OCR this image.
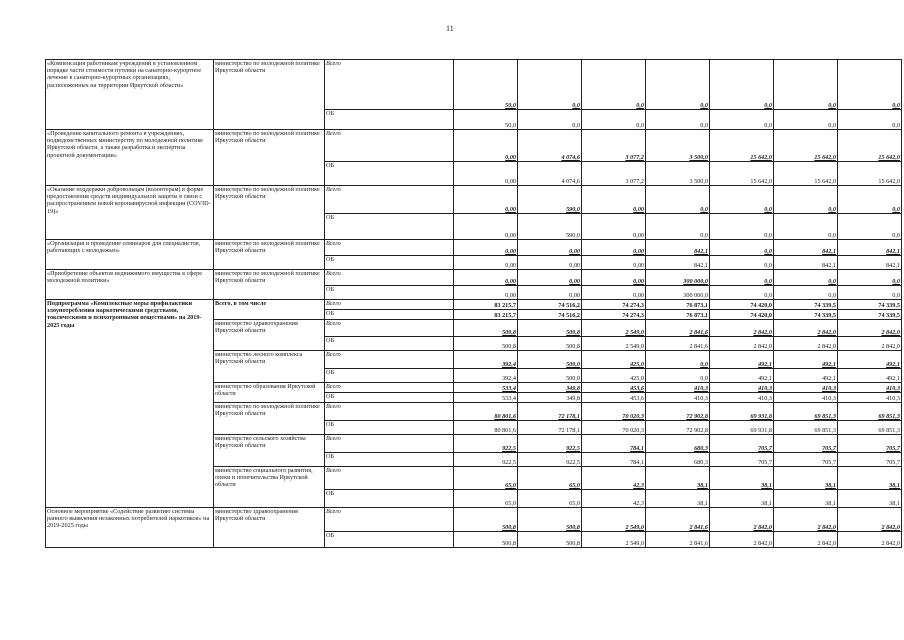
11
«Компенсация работникам учреждений в установленном порядке части стоимости путевки на санаторно-курортное лечение в санаторно-курортных организациях, расположенных на территории Иркутской области»	министерство по молодежной политике Иркутской области	Всего	50,0	0,0	0,0	0,0	0,0	0,0	0,0
		ОБ	50,0	0,0	0,0	0,0	0,0	0,0	0,0
«Проведение капитального ремонта в учреждениях, подведомственных министерству по молодежной политике Иркутской области, а также разработка и экспертиза проектной документации»	министерство по молодежной политике Иркутской области	Всего	0,00	4 074,6	3 077,2	3 500,0	15 642,0	15 642,0	15 642,0
		ОБ	0,00	4 074,6	3 077,2	3 500,0	15 642,0	15 642,0	15 642,0
«Оказание поддержки добровольцам (волонтерам) в форме предоставления средств индивидуальной защиты в связи с распространением новой коронавирусной инфекции (COVID-19)»	министерство по молодежной политике Иркутской области	Всего	0,00	590,0	0,00	0,0	0,0	0,0	0,0
		ОБ	0,00	590,0	0,00	0,0	0,0	0,0	0,0
«Организация и проведение семинаров для специалистов, работающих с молодежью»	министерство по молодежной политике Иркутской области	Всего	0,00	0,00	0,00	842,1	0,0	842,1	842,1
		ОБ	0,00	0,00	0,00	842,1	0,0	842,1	842,1
«Приобретение объектов недвижимого имущества в сфере молодежной политики»	министерство по молодежной политике Иркутской области	Всего	0,00	0,00	0,00	300 000,0	0,0	0,0	0,0
		ОБ	0,00	0,00	0,00	300 000,0	0,0	0,0	0,0
Подпрограмма «Комплексные меры профилактики злоупотребления наркотическими средствами, токсическими и психотропными веществами» на 2019-2025 годы	Всего, в том числе	Всего	83 215,7	74 516,2	74 274,3	76 873,1	74 420,0	74 339,5	74 339,5
		ОБ	83 215,7	74 516,2	74 274,3	76 873,1	74 420,0	74 339,5	74 339,5
	министерство здравоохранения Иркутской области	Всего	500,8	500,8	2 549,0	2 841,6	2 842,0	2 842,0	2 842,0
		ОБ	500,8	500,8	2 549,0	2 841,6	2 842,0	2 842,0	2 842,0
	министерство лесного комплекса Иркутской области	Всего	392,4	500,0	425,0	0,0	492,1	492,1	492,1
		ОБ	392,4	500,0	425,0	0,0	492,1	492,1	492,1
	министерство образования Иркутской области	Всего	533,4	349,8	453,6	410,3	410,3	410,3	410,3
		ОБ	533,4	349,8	453,6	410,3	410,3	410,3	410,3
	министерство по молодежной политике Иркутской области	Всего	80 801,6	72 178,1	70 020,3	72 902,8	69 931,8	69 851,3	69 851,3
		ОБ	80 801,6	72 178,1	70 020,3	72 902,8	69 931,8	69 851,3	69 851,3
	министерство сельского хозяйства Иркутской области	Всего	922,5	922,5	784,1	680,3	705,7	705,7	705,7
		ОБ	922,5	922,5	784,1	680,3	705,7	705,7	705,7
	министерство социального развития, опеки и попечительства Иркутской области	Всего	65,0	65,0	42,3	38,1	38,1	38,1	38,1
		ОБ	65,0	65,0	42,3	38,1	38,1	38,1	38,1
Основное мероприятие «Содействие развитию системы раннего выявления незаконных потребителей наркотиков» на 2019-2025 годы	министерство здравоохранения Иркутской области	Всего	500,8	500,8	2 549,0	2 841,6	2 842,0	2 842,0	2 842,0
		ОБ	500,8	500,8	2 549,0	2 841,6	2 842,0	2 842,0	2 842,0
